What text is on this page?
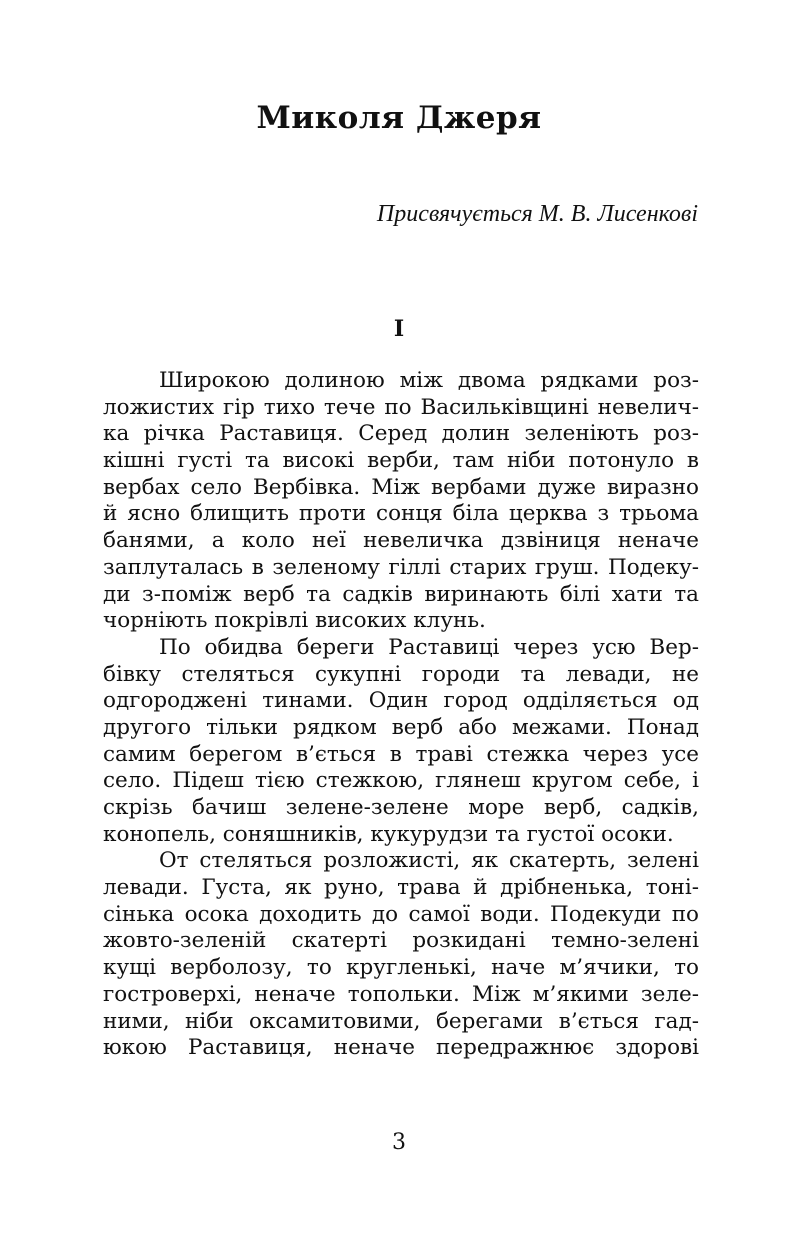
Миколя Джеря

Присвячується М. В. Лисенкові

І
Широкою долиною між двома рядками роз-
ложистих гір тихо тече по Васильківщині невелич-
ка річка Раставиця. Серед долин зеленіють роз-
кішні густі та високі верби, там ніби потонуло в
вербах село Вербівка. Між вербами дуже виразно
й ясно блищить проти сонця біла церква з трьома
банями, а коло неї невеличка дзвіниця неначе
заплуталась в зеленому гіллі старих груш. Подеку-
ди з-поміж верб та садків виринають білі хати та
чорніють покрівлі високих клунь.
По обидва береги Раставиці через усю Вер-
бівку стеляться сукупні городи та левади, не
одгороджені тинами. Один город одділяється од
другого тільки рядком верб або межами. Понад
самим берегом в’ється в траві стежка через усе
село. Підеш тією стежкою, глянеш кругом себе, і
скрізь бачиш зелене-зелене море верб, садків,
конопель, соняшників, кукурудзи та густої осоки.
От стеляться розложисті, як скатерть, зелені
левади. Густа, як руно, трава й дрібненька, тоні-
сінька осока доходить до самої води. Подекуди по
жовто-зеленій скатерті розкидані темно-зелені
кущі верболозу, то кругленькі, наче м’ячики, то
гостроверхі, неначе топольки. Між м’якими зеле-
ними, ніби оксамитовими, берегами в’ється гад-
юкою Раставиця, неначе передражнює здорові

3
